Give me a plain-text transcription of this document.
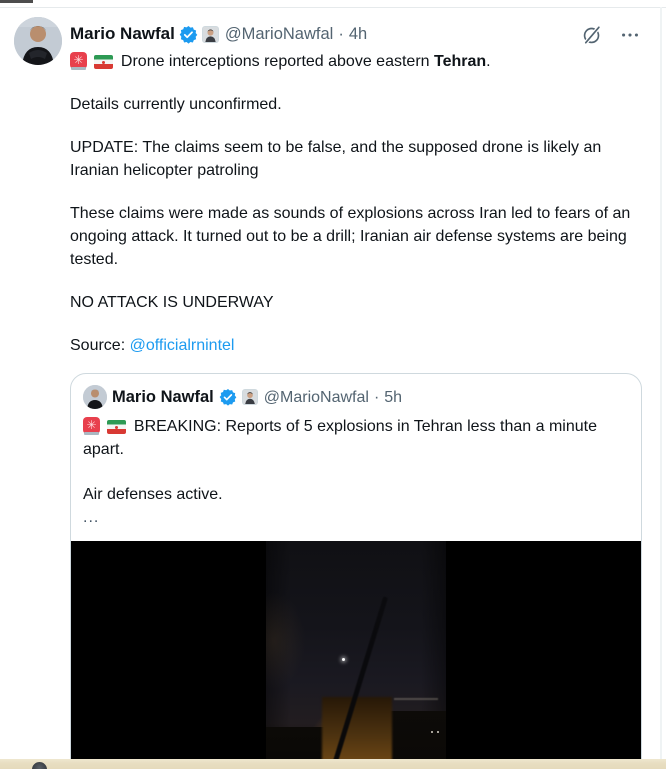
Mario Nawfal	@MarioNawfal · 4h

✳  Drone interceptions reported above eastern Tehran.

Details currently unconfirmed.

UPDATE: The claims seem to be false, and the supposed drone is likely an Iranian helicopter patroling

These claims were made as sounds of explosions across Iran led to fears of an ongoing attack. It turned out to be a drill; Iranian air defense systems are being tested.

NO ATTACK IS UNDERWAY

Source: @officialrnintel

Mario Nawfal	@MarioNawfal · 5h

✳  BREAKING: Reports of 5 explosions in Tehran less than a minute apart.

Air defenses active.

...
